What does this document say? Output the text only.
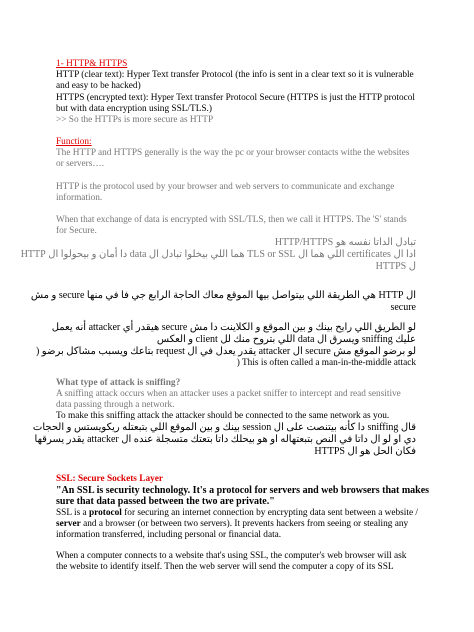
1- HTTP& HTTPS

HTTP (clear text): Hyper Text transfer Protocol (the info is sent in a clear text so it is vulnerable

and easy to be hacked)

HTTPS (encrypted text): Hyper Text transfer Protocol Secure (HTTPS is just the HTTP protocol

but with data encryption using SSL/TLS.)

>> So the HTTPs is more secure as HTTP

Function:

The HTTP and HTTPS generally is the way the pc or your browser contacts withe the websites

or servers….

HTTP is the protocol used by your browser and web servers to communicate and exchange

information.

When that exchange of data is encrypted with SSL/TLS, then we call it HTTPS. The 'S' stands

for Secure.

تبادل الداتا نفسه هو HTTP/HTTPS

ادا ال certificates اللي هما ال TLS or SSL هما اللي بيخلوا تبادل ال data دا أمان و بيحولوا ال HTTP

ل HTTPS

ال HTTP هي الطريقة اللي بيتواصل بيها الموقع معاك الحاجة الرابع جي فا في منها secure و مش

secure

لو الطريق اللي رايح بينك و بين الموقع و الكلاينت دا مش secure هيقدر أي attacker أنه يعمل

عليك sniffing ويسرق ال data اللي بتروح منك لل client و العكس

لو برضو الموقع مش secure ال attacker يقدر يعدل في ال request بتاعك ويسبب مشاكل برضو (

) This is often called a man-in-the-middle attack

What type of attack is sniffing?

A sniffing attack occurs when an attacker uses a packet sniffer to intercept and read sensitive

data passing through a network.

To make this sniffing attack the attacker should be connected to the same network as you.

قال sniffing دا كأنه بيتنصت على ال session بينك و بين الموقع اللي بتبعتله ريكويستس و الحجات

دي او لو ال داتا في النص بتبعتهاله او هو بيحلك داتا بتعتك متسجلة عنده ال attacker يقدر يسرقها

فكان الحل هو ال HTTPS

SSL: Secure Sockets Layer

"An SSL is security technology. It's a protocol for servers and web browsers that makes

sure that data passed between the two are private."

SSL is a protocol for securing an internet connection by encrypting data sent between a website /

server and a browser (or between two servers). It prevents hackers from seeing or stealing any

information transferred, including personal or financial data.

When a computer connects to a website that's using SSL, the computer's web browser will ask

the website to identify itself. Then the web server will send the computer a copy of its SSL
